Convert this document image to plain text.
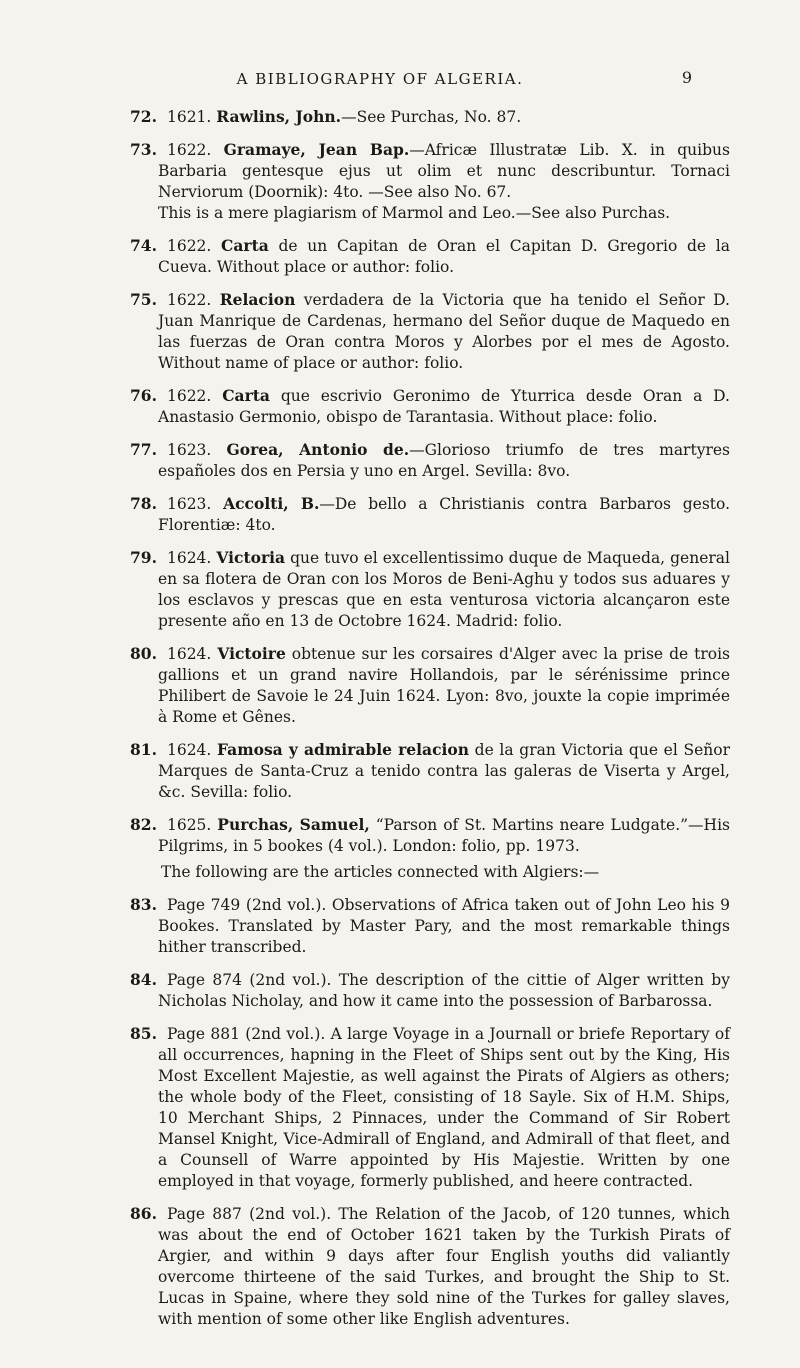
A BIBLIOGRAPHY OF ALGERIA.	9

72. 1621. Rawlins, John.—See Purchas, No. 87.

73. 1622. Gramaye, Jean Bap.—Africæ Illustratæ Lib. X. in quibus Barbaria gentesque ejus ut olim et nunc describuntur. Tornaci Nerviorum (Doornik): 4to. —See also No. 67.
This is a mere plagiarism of Marmol and Leo.—See also Purchas.

74. 1622. Carta de un Capitan de Oran el Capitan D. Gregorio de la Cueva. Without place or author: folio.

75. 1622. Relacion verdadera de la Victoria que ha tenido el Señor D. Juan Manrique de Cardenas, hermano del Señor duque de Maquedo en las fuerzas de Oran contra Moros y Alorbes por el mes de Agosto. Without name of place or author: folio.

76. 1622. Carta que escrivio Geronimo de Yturrica desde Oran a D. Anastasio Germonio, obispo de Tarantasia. Without place: folio.

77. 1623. Gorea, Antonio de.—Glorioso triumfo de tres martyres españoles dos en Persia y uno en Argel. Sevilla: 8vo.

78. 1623. Accolti, B.—De bello a Christianis contra Barbaros gesto. Florentiæ: 4to.

79. 1624. Victoria que tuvo el excellentissimo duque de Maqueda, general en sa flotera de Oran con los Moros de Beni-Aghu y todos sus aduares y los esclavos y prescas que en esta venturosa victoria alcançaron este presente año en 13 de Octobre 1624. Madrid: folio.

80. 1624. Victoire obtenue sur les corsaires d'Alger avec la prise de trois gallions et un grand navire Hollandois, par le sérénissime prince Philibert de Savoie le 24 Juin 1624. Lyon: 8vo, jouxte la copie imprimée à Rome et Gênes.

81. 1624. Famosa y admirable relacion de la gran Victoria que el Señor Marques de Santa-Cruz a tenido contra las galeras de Viserta y Argel, &c. Sevilla: folio.

82. 1625. Purchas, Samuel, “Parson of St. Martins neare Ludgate.”—His Pilgrims, in 5 bookes (4 vol.). London: folio, pp. 1973.

  The following are the articles connected with Algiers:—

83. Page 749 (2nd vol.). Observations of Africa taken out of John Leo his 9 Bookes. Translated by Master Pary, and the most remarkable things hither transcribed.

84. Page 874 (2nd vol.). The description of the cittie of Alger written by Nicholas Nicholay, and how it came into the possession of Barbarossa.

85. Page 881 (2nd vol.). A large Voyage in a Journall or briefe Reportary of all occurrences, hapning in the Fleet of Ships sent out by the King, His Most Excellent Majestie, as well against the Pirats of Algiers as others; the whole body of the Fleet, consisting of 18 Sayle. Six of H.M. Ships, 10 Merchant Ships, 2 Pinnaces, under the Command of Sir Robert Mansel Knight, Vice-Admirall of England, and Admirall of that fleet, and a Counsell of Warre appointed by His Majestie. Written by one employed in that voyage, formerly published, and heere contracted.

86. Page 887 (2nd vol.). The Relation of the Jacob, of 120 tunnes, which was about the end of October 1621 taken by the Turkish Pirats of Argier, and within 9 days after four English youths did valiantly overcome thirteene of the said Turkes, and brought the Ship to St. Lucas in Spaine, where they sold nine of the Turkes for galley slaves, with mention of some other like English adventures.
